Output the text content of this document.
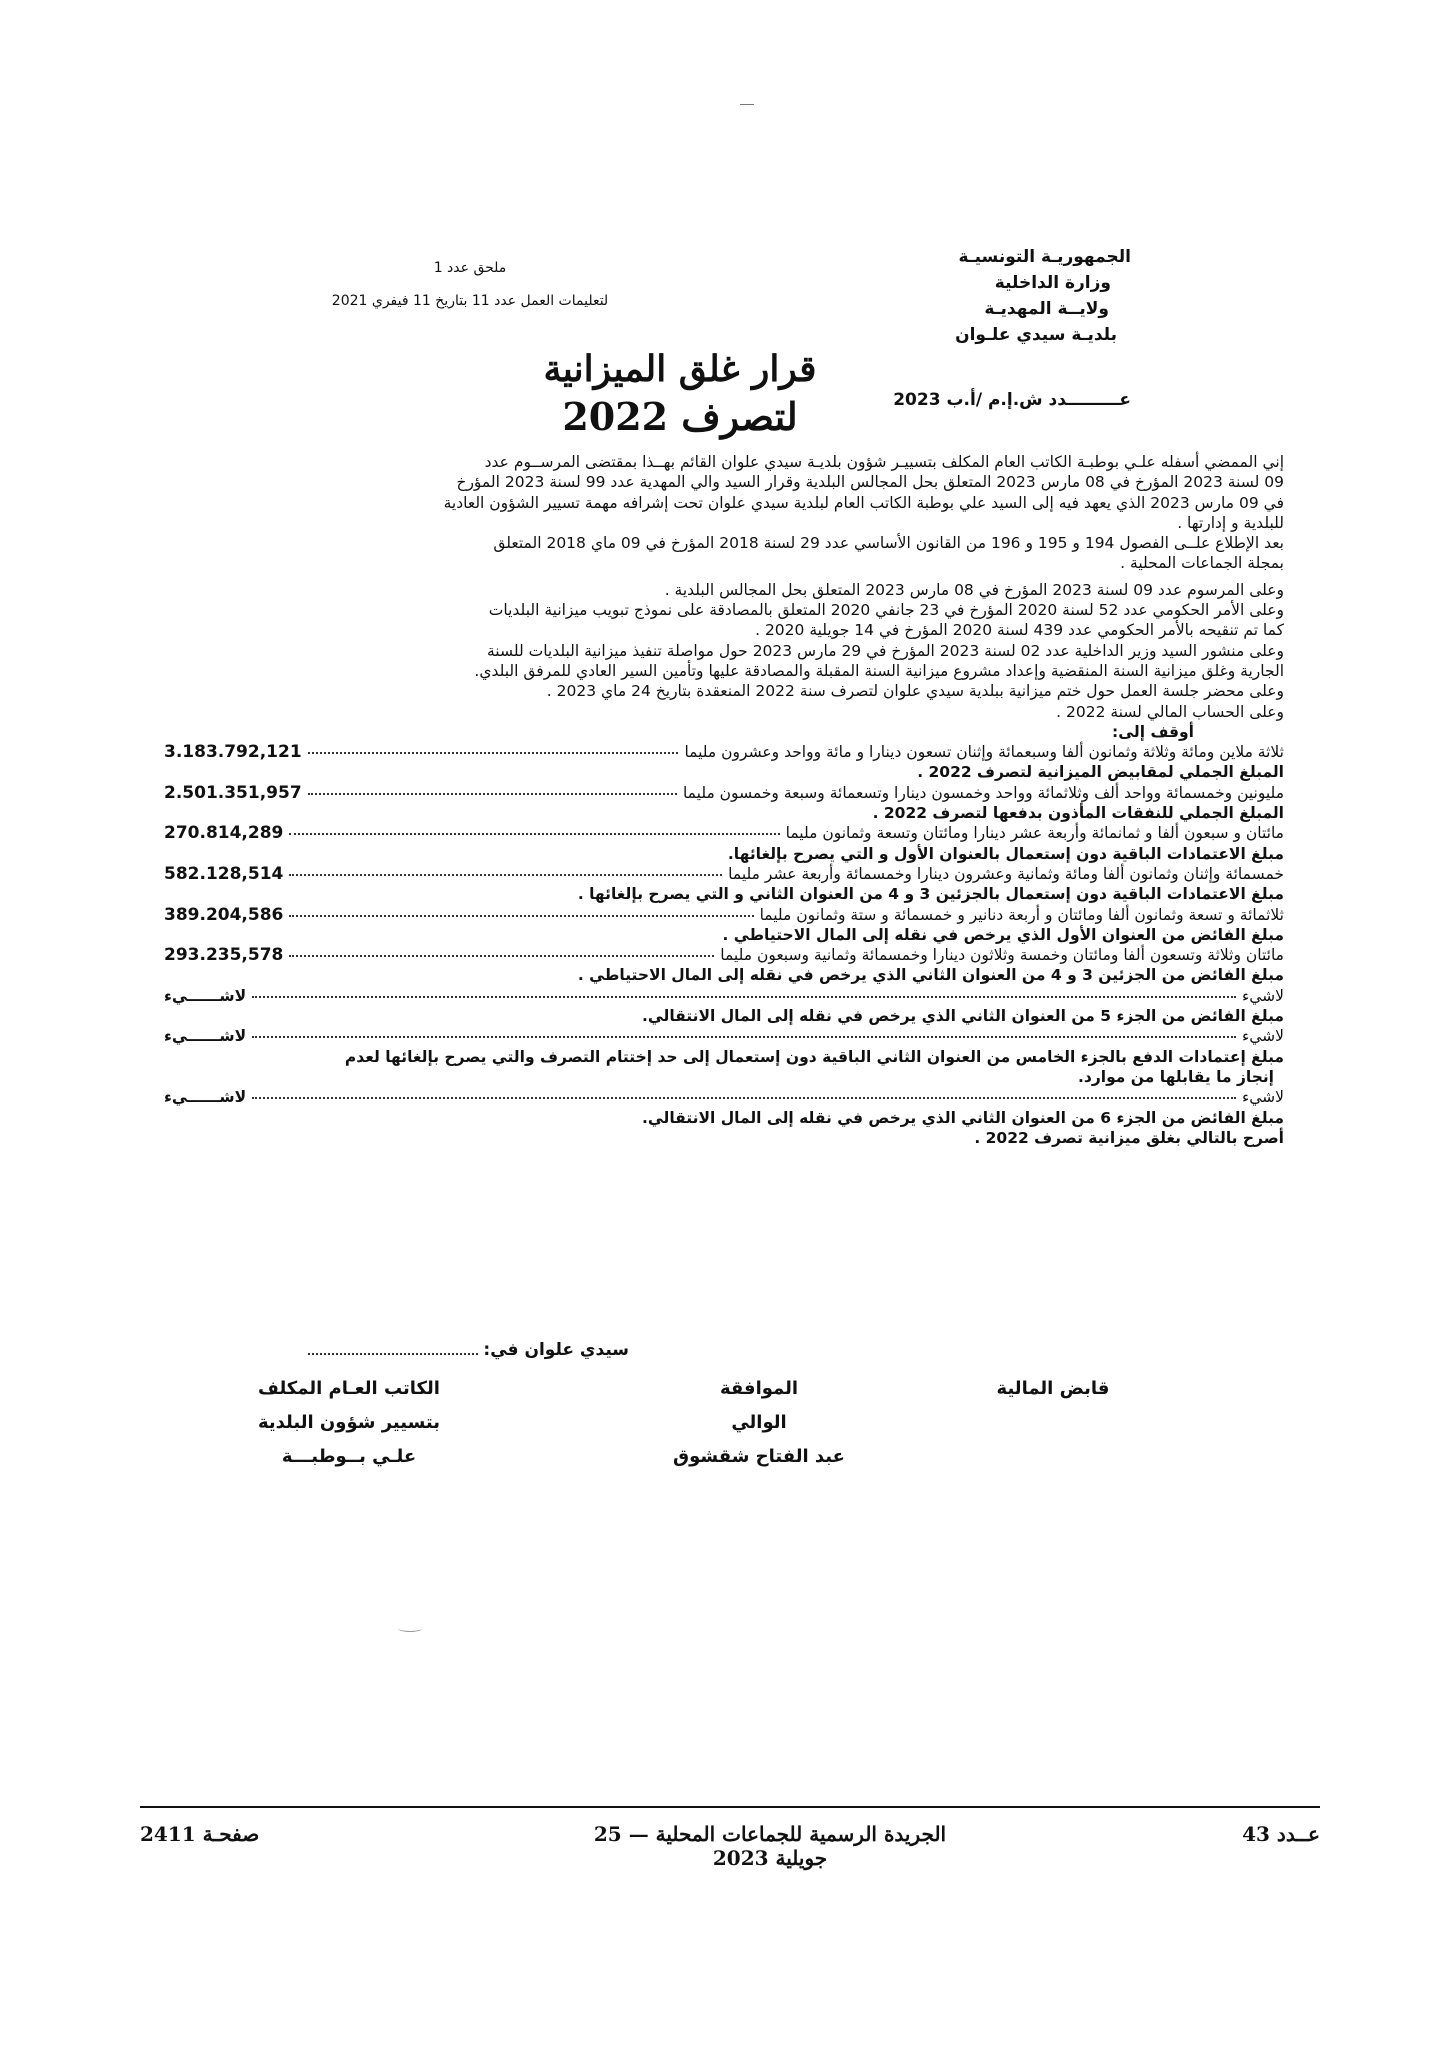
ملحق عدد 1
لتعليمات العمل عدد 11 بتاريخ 11 فيفري 2021
الجمهوريـة التونسيـة
وزارة الداخلية
ولايــة المهديـة
بلديـة سيدي علـوان
قرار غلق الميزانية
لتصرف 2022	عـــــــــدد ش.إ.م /أ.ب 2023

إني الممضي أسفله علـي بوطبـة الكاتب العام المكلف بتسييـر شؤون بلديـة سيدي علوان القائم بهــذا بمقتضى المرســوم عدد

09 لسنة 2023 المؤرخ في 08 مارس 2023 المتعلق بحل المجالس البلدية وقرار السيد والي المهدية عدد 99 لسنة 2023 المؤرخ

في 09 مارس 2023 الذي يعهد فيه إلى السيد علي بوطبة الكاتب العام لبلدية سيدي علوان تحت إشرافه مهمة تسيير الشؤون العادية

للبلدية و إدارتها .

بعد الإطلاع علــى الفصول 194 و 195 و 196 من القانون الأساسي عدد 29 لسنة 2018 المؤرخ في 09 ماي 2018 المتعلق

بمجلة الجماعات المحلية .

وعلى المرسوم عدد 09 لسنة 2023 المؤرخ في 08 مارس 2023 المتعلق بحل المجالس البلدية .

وعلى الأمر الحكومي عدد 52 لسنة 2020 المؤرخ في 23 جانفي 2020 المتعلق بالمصادقة على نموذج تبويب ميزانية البلديات

كما تم تنقيحه بالأمر الحكومي عدد 439 لسنة 2020 المؤرخ في 14 جويلية 2020 .

وعلى منشور السيد وزير الداخلية عدد 02 لسنة 2023 المؤرخ في 29 مارس 2023 حول مواصلة تنفيذ ميزانية البلديات للسنة

الجارية وغلق ميزانية السنة المنقضية وإعداد مشروع ميزانية السنة المقبلة والمصادقة عليها وتأمين السير العادي للمرفق البلدي.

وعلى محضر جلسة العمل حول ختم ميزانية ببلدية سيدي علوان لتصرف سنة 2022 المنعقدة بتاريخ 24 ماي 2023 .

وعلى الحساب المالي لسنة 2022 .

أوقف إلى:

ثلاثة ملاين ومائة وثلاثة وثمانون ألفا وسبعمائة وإثنان تسعون دينارا و مائة وواحد وعشرون مليما
3.183.792,121

المبلغ الجملي لمقابيض الميزانية لتصرف 2022 .

مليونين وخمسمائة وواحد ألف وثلاثمائة وواحد وخمسون دينارا وتسعمائة وسبعة وخمسون مليما
2.501.351,957

المبلغ الجملي للنفقات المأذون بدفعها لتصرف 2022 .

مائتان و سبعون ألفا و ثمانمائة وأربعة عشر دينارا ومائتان وتسعة وثمانون مليما
270.814,289

مبلغ الاعتمادات الباقية دون إستعمال بالعنوان الأول و التي يصرح بإلغائها.

خمسمائة وإثنان وثمانون ألفا ومائة وثمانية وعشرون دينارا وخمسمائة وأربعة عشر مليما
582.128,514

مبلغ الاعتمادات الباقية دون إستعمال بالجزئين 3 و 4 من العنوان الثاني و التي يصرح بإلغائها .

ثلاثمائة و تسعة وثمانون ألفا ومائتان و أربعة دنانير و خمسمائة و ستة وثمانون مليما
389.204,586

مبلغ الفائض من العنوان الأول الذي يرخص في نقله إلى المال الاحتياطي .

مائتان وثلاثة وتسعون ألفا ومائتان وخمسة وثلاثون دينارا وخمسمائة وثمانية وسبعون مليما
293.235,578

مبلغ الفائض من الجزئين 3 و 4 من العنوان الثاني الذي يرخص في نقله إلى المال الاحتياطي .

لاشيء
لاشــــــيء

مبلغ الفائض من الجزء 5 من العنوان الثاني الذي يرخص في نقله إلى المال الانتقالي.

لاشيء
لاشــــــيء

مبلغ إعتمادات الدفع بالجزء الخامس من العنوان الثاني الباقية دون إستعمال إلى حد إختتام التصرف والتي يصرح بإلغائها لعدم

إنجاز ما يقابلها من موارد.

لاشيء
لاشــــــيء

مبلغ الفائض من الجزء 6 من العنوان الثاني الذي يرخص في نقله إلى المال الانتقالي.

أصرح بالتالي بغلق ميزانية تصرف 2022 .

سيدي علوان في:
قابض المالية
الموافقة
الوالي
عبد الفتاح شقشوق
الكاتب العـام المكلف
بتسيير شؤون البلدية
علـي بــوطبـــة
عــدد 43
الجريدة الرسمية للجماعات المحلية — 25 جويلية 2023
صفحـة 2411
